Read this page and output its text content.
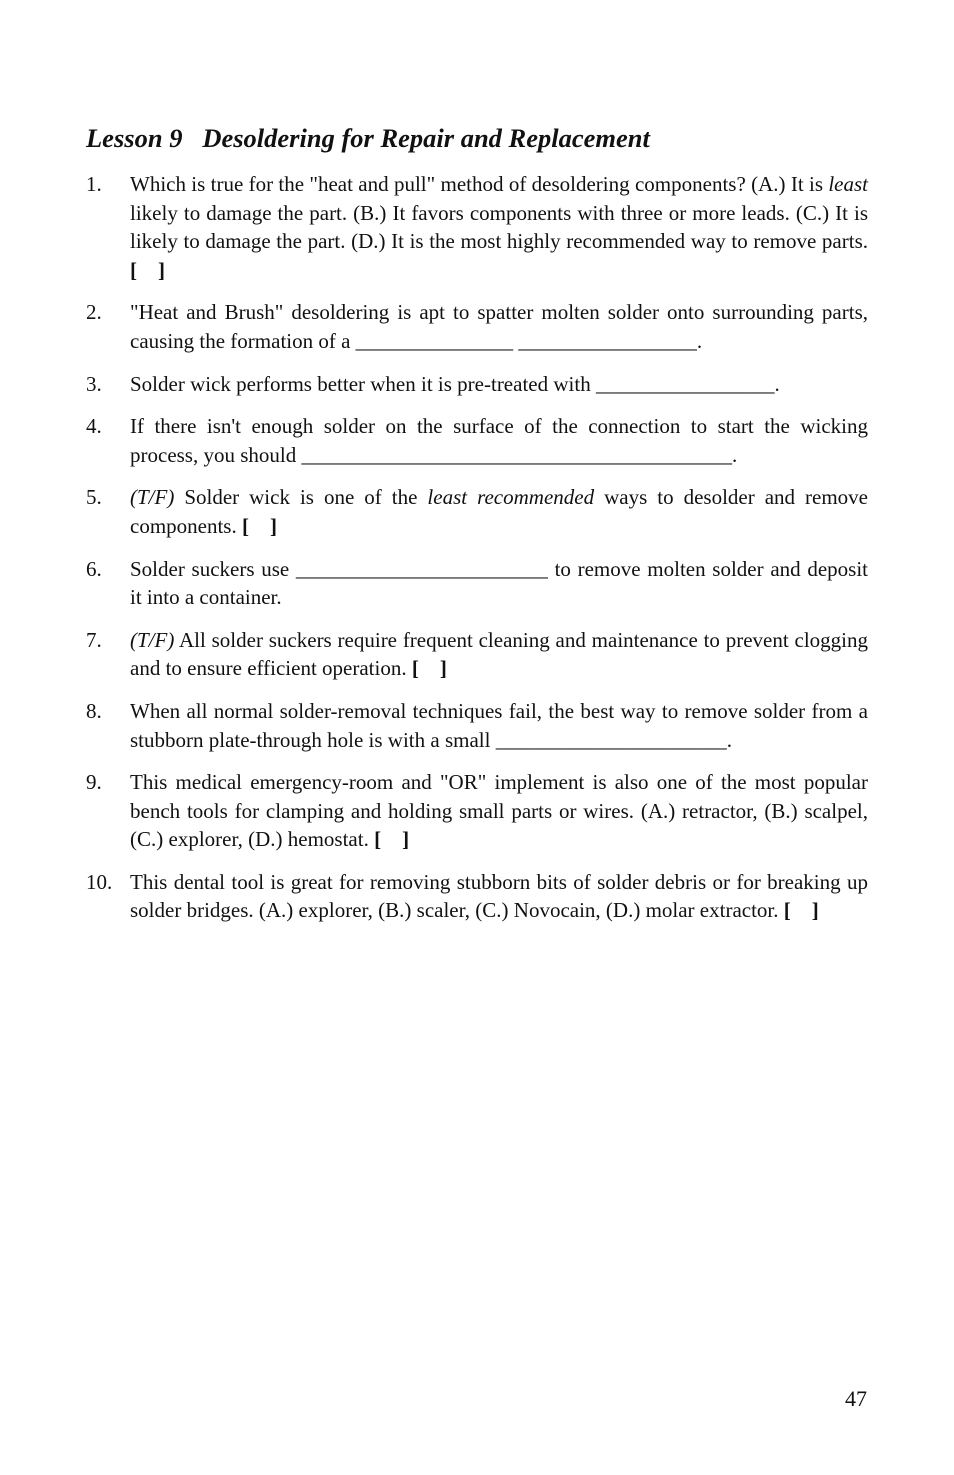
Lesson 9   Desoldering for Repair and Replacement
1. Which is true for the "heat and pull" method of desoldering components? (A.) It is least likely to damage the part. (B.) It favors components with three or more leads. (C.) It is likely to damage the part. (D.) It is the most highly recommended way to remove parts. [    ]
2. "Heat and Brush" desoldering is apt to spatter molten solder onto surrounding parts, causing the formation of a _______________ _________________.
3. Solder wick performs better when it is pre-treated with _________________.
4. If there isn't enough solder on the surface of the connection to start the wicking process, you should _________________________________________.
5. (T/F) Solder wick is one of the least recommended ways to desolder and remove components. [    ]
6. Solder suckers use ________________________ to remove molten solder and deposit it into a container.
7. (T/F) All solder suckers require frequent cleaning and maintenance to prevent clogging and to ensure efficient operation. [    ]
8. When all normal solder-removal techniques fail, the best way to remove solder from a stubborn plate-through hole is with a small ______________________.
9. This medical emergency-room and "OR" implement is also one of the most popular bench tools for clamping and holding small parts or wires. (A.) retractor, (B.) scalpel, (C.) explorer, (D.) hemostat. [    ]
10. This dental tool is great for removing stubborn bits of solder debris or for breaking up solder bridges. (A.) explorer, (B.) scaler, (C.) Novocain, (D.) molar extractor. [    ]
47
